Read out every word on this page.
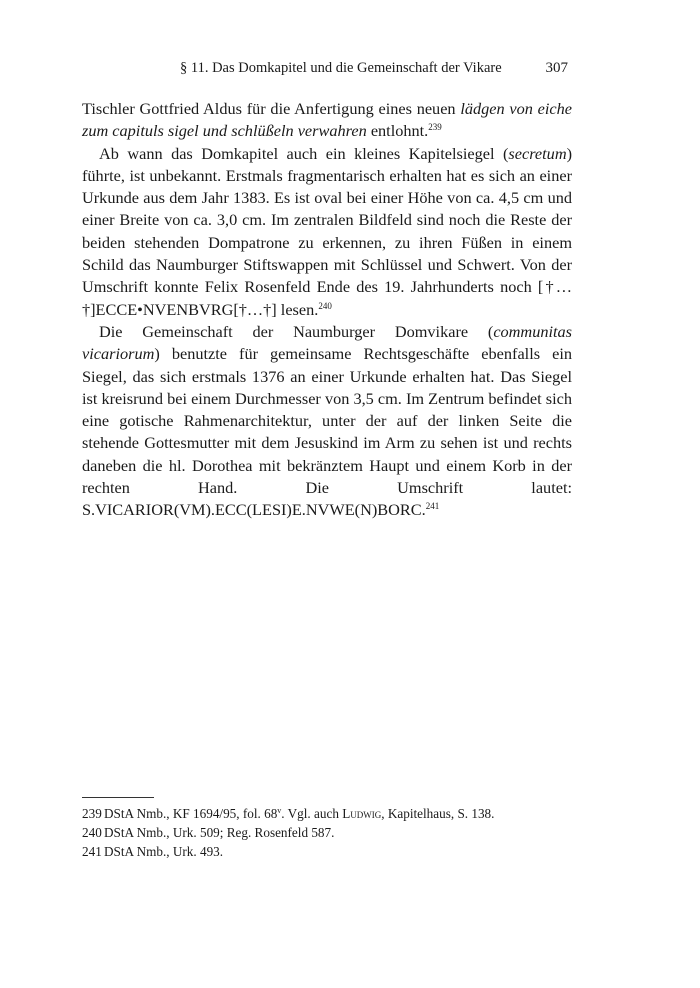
§ 11. Das Domkapitel und die Gemeinschaft der Vikare	307

Tischler Gottfried Aldus für die Anfertigung eines neuen lädgen von eiche zum capituls sigel und schlüßeln verwahren entlohnt.$^{239}$

Ab wann das Domkapitel auch ein kleines Kapitelsiegel (secretum) führte, ist unbekannt. Erstmals fragmentarisch erhalten hat es sich an einer Urkunde aus dem Jahr 1383. Es ist oval bei einer Höhe von ca. 4,5 cm und einer Breite von ca. 3,0 cm. Im zentralen Bildfeld sind noch die Reste der beiden stehenden Dompatrone zu erkennen, zu ihren Füßen in einem Schild das Naumburger Stiftswappen mit Schlüssel und Schwert. Von der Umschrift konnte Felix Rosenfeld Ende des 19. Jahrhunderts noch [†…†]ECCE•NVENBVRG[†…†] lesen.$^{240}$

Die Gemeinschaft der Naumburger Domvikare (communitas vicariorum) benutzte für gemeinsame Rechtsgeschäfte ebenfalls ein Siegel, das sich erstmals 1376 an einer Urkunde erhalten hat. Das Siegel ist kreisrund bei einem Durchmesser von 3,5 cm. Im Zentrum befindet sich eine gotische Rahmenarchitektur, unter der auf der linken Seite die stehende Gottesmutter mit dem Jesuskind im Arm zu sehen ist und rechts daneben die hl. Dorothea mit bekränztem Haupt und einem Korb in der rechten Hand. Die Umschrift lautet: S.VICARIOR(VM).ECC(LESI)E.NVWE(N)BORC.$^{241}$

239 DStA Nmb., KF 1694/95, fol. 68$^v$. Vgl. auch Ludwig, Kapitelhaus, S. 138.
240 DStA Nmb., Urk. 509; Reg. Rosenfeld 587.
241 DStA Nmb., Urk. 493.
